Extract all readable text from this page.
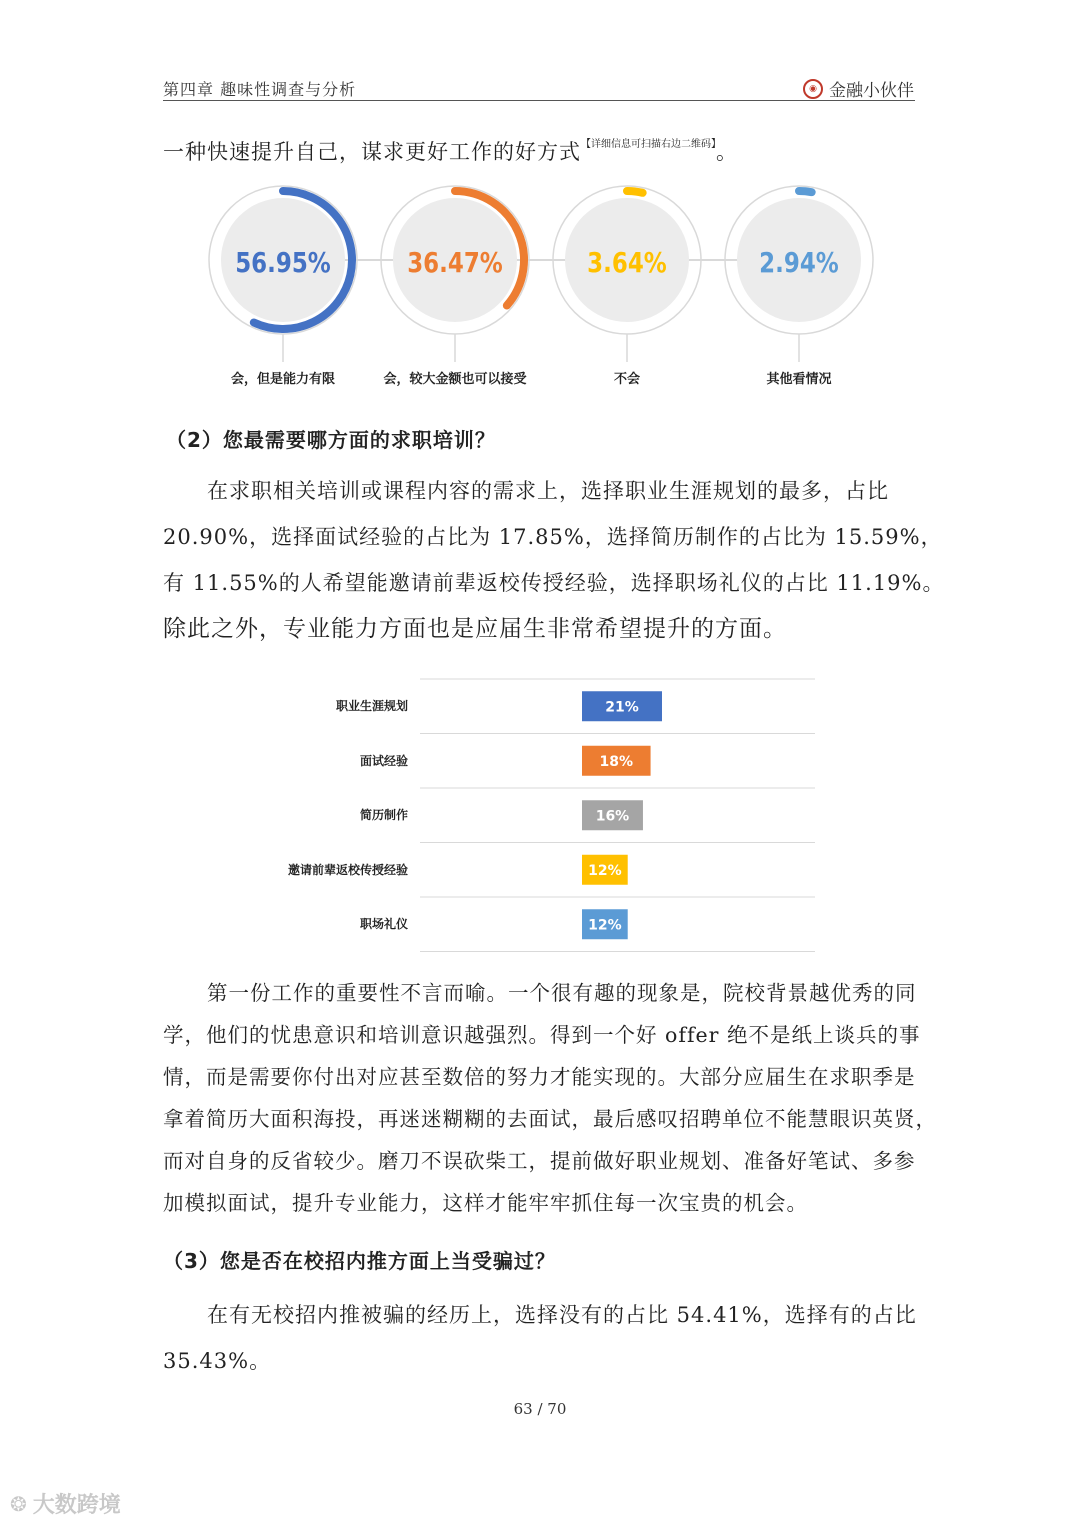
第四章 趣味性调查与分析	◉ 金融小伙伴
一种快速提升自己，谋求更好工作的好方式$^{【详细信息可扫描右边二维码】}$。
56.95%	36.47%	3.64%	2.94%
会，但是能力有限	会，较大金额也可以接受	不会	其他看情况
（2）您最需要哪方面的求职培训？
在求职相关培训或课程内容的需求上，选择职业生涯规划的最多，占比
20.90%，选择面试经验的占比为 17.85%，选择简历制作的占比为 15.59%，
有 11.55%的人希望能邀请前辈返校传授经验，选择职场礼仪的占比 11.19%。
除此之外，专业能力方面也是应届生非常希望提升的方面。
职业生涯规划
面试经验
简历制作
邀请前辈返校传授经验
职场礼仪
21%
18%
16%
12%
12%
第一份工作的重要性不言而喻。一个很有趣的现象是，院校背景越优秀的同
学，他们的忧患意识和培训意识越强烈。得到一个好 offer 绝不是纸上谈兵的事
情，而是需要你付出对应甚至数倍的努力才能实现的。大部分应届生在求职季是
拿着简历大面积海投，再迷迷糊糊的去面试，最后感叹招聘单位不能慧眼识英贤，
而对自身的反省较少。磨刀不误砍柴工，提前做好职业规划、准备好笔试、多参
加模拟面试，提升专业能力，这样才能牢牢抓住每一次宝贵的机会。
（3）您是否在校招内推方面上当受骗过？
在有无校招内推被骗的经历上，选择没有的占比 54.41%，选择有的占比
35.43%。
63 / 70
❂ 大数跨境
